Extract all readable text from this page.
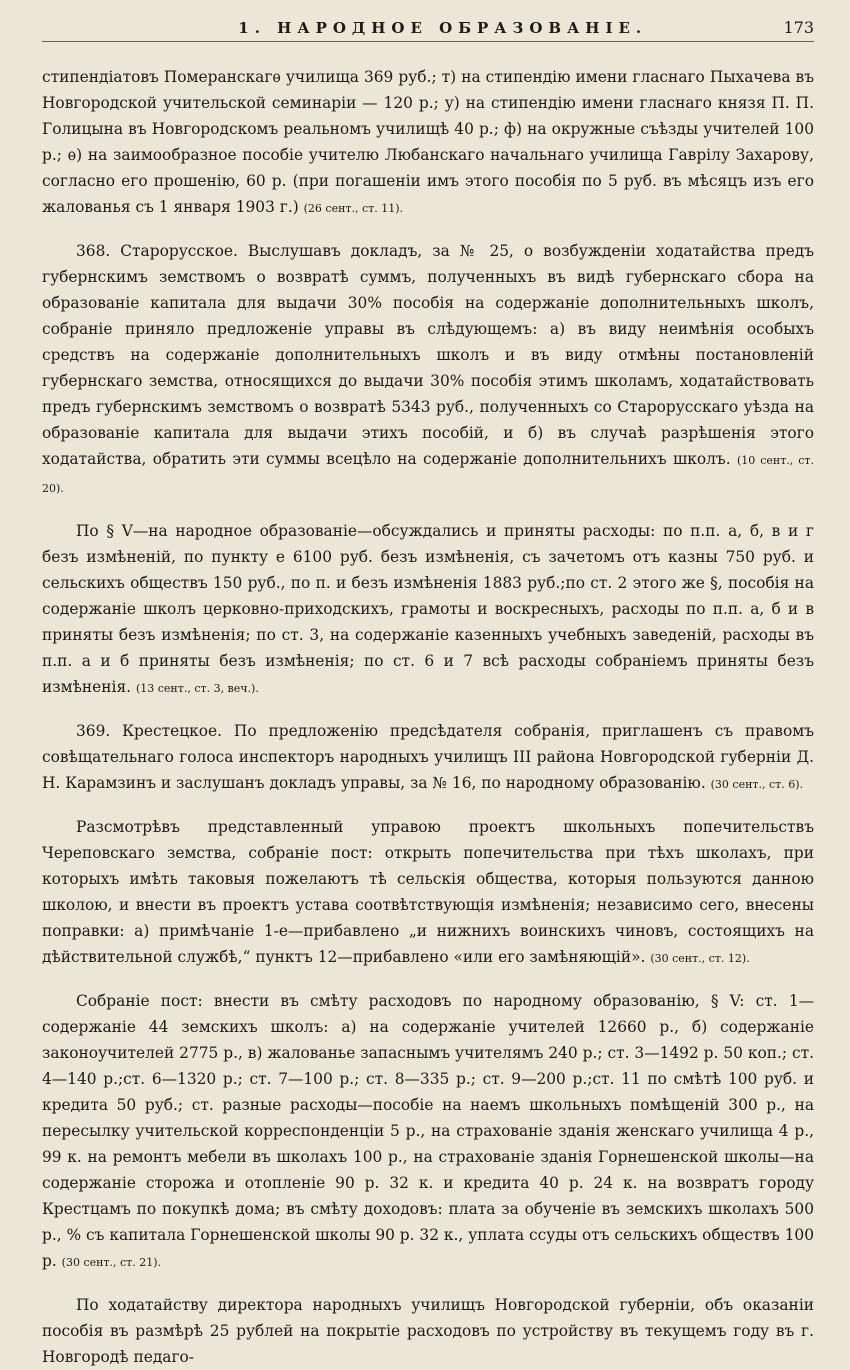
1. НАРОДНОЕ ОБРАЗОВАНІЕ.	173

стипендіатовъ Померанскагѳ училища 369 руб.; т) на стипендію имени гласнаго Пыхачева въ Новгородской учительской семинаріи — 120 р.; у) на стипендію имени гласнаго князя П. П. Голицына въ Новгородскомъ реальномъ училищѣ 40 р.; ф) на окружные съѣзды учителей 100 р.; ѳ) на заимообразное пособіе учителю Любанскаго начальнаго училища Гаврiлу Захарову, согласно его прошенію, 60 р. (при погашеніи имъ этого пособія по 5 руб. въ мѣсяцъ изъ его жалованья съ 1 января 1903 г.) (26 сент., ст. 11).

368. Старорусское. Выслушавъ докладъ, за № 25, о возбужденіи ходатайства предъ губернскимъ земствомъ о возвратѣ суммъ, полученныхъ въ видѣ губернскаго сбора на образованіе капитала для выдачи 30% пособія на содержаніе дополнительныхъ школъ, собраніе приняло предложеніе управы въ слѣдующемъ: а) въ виду неимѣнія особыхъ средствъ на содержаніе дополнительныхъ школъ и въ виду отмѣны постановленій губернскаго земства, относящихся до выдачи 30% пособія этимъ школамъ, ходатайствовать предъ губернскимъ земствомъ о возвратѣ 5343 руб., полученныхъ со Старорусскаго уѣзда на образованіе капитала для выдачи этихъ пособій, и б) въ случаѣ разрѣшенія этого ходатайства, обратить эти суммы всецѣло на содержаніе дополнительнихъ школъ. (10 сент., ст. 20).

По § V—на народное образованіе—обсуждались и приняты расходы: по п.п. а, б, в и г безъ измѣненій, по пункту е 6100 руб. безъ измѣненія, съ зачетомъ отъ казны 750 руб. и сельскихъ обществъ 150 руб., по п. и безъ измѣненія 1883 руб.;по ст. 2 этого же §, пособія на содержаніе школъ церковно-приходскихъ, грамоты и воскресныхъ, расходы по п.п. а, б и в приняты безъ измѣненія; по ст. 3, на содержаніе казенныхъ учебныхъ заведеній, расходы въ п.п. а и б приняты безъ измѣненія; по ст. 6 и 7 всѣ расходы собраніемъ приняты безъ измѣненія. (13 сент., ст. 3, веч.).

369. Крестецкое. По предложенію предсѣдателя собранія, приглашенъ съ правомъ совѣщательнаго голоса инспекторъ народныхъ училищъ III района Новгородской губерніи Д. Н. Карамзинъ и заслушанъ докладъ управы, за № 16, по народному образованію. (30 сент., ст. 6).

Разсмотрѣвъ представленный управою проектъ школьныхъ попечительствъ Череповскаго земства, собраніе пост: открыть попечительства при тѣхъ школахъ, при которыхъ имѣть таковыя пожелаютъ тѣ сельскія общества, которыя пользуются данною школою, и внести въ проектъ устава соотвѣтствующія измѣненія; независимо сего, внесены поправки: а) примѣчаніе 1-е—прибавлено „и нижнихъ воинскихъ чиновъ, состоящихъ на дѣйствительной службѣ,“ пунктъ 12—прибавлено «или его замѣняющій». (30 сент., ст. 12).

Собраніе пост: внести въ смѣту расходовъ по народному образованію, § V: ст. 1—содержаніе 44 земскихъ школъ: а) на содержаніе учителей 12660 р., б) содержаніе законоучителей 2775 р., в) жалованье запаснымъ учителямъ 240 р.; ст. 3—1492 р. 50 коп.; ст. 4—140 р.;ст. 6—1320 р.; ст. 7—100 р.; ст. 8—335 р.; ст. 9—200 р.;ст. 11 по смѣтѣ 100 руб. и кредита 50 руб.; ст. разные расходы—пособіе на наемъ школьныхъ помѣщеній 300 р., на пересылку учительской корреспонденціи 5 р., на страхованіе зданія женскаго училища 4 р., 99 к. на ремонтъ мебели въ школахъ 100 р., на страхованіе зданія Горнешенской школы—на содержаніе сторожа и отопленіе 90 р. 32 к. и кредита 40 р. 24 к. на возвратъ городу Крестцамъ по покупкѣ дома; въ смѣту доходовъ: плата за обученіе въ земскихъ школахъ 500 р., % съ капитала Горнешенской школы 90 р. 32 к., уплата ссуды отъ сельскихъ обществъ 100 р. (30 сент., ст. 21).

По ходатайству директора народныхъ училищъ Новгородской губерніи, объ оказаніи пособія въ размѣрѣ 25 рублей на покрытіе расходовъ по устройству въ текущемъ году въ г. Новгородѣ педаго-
